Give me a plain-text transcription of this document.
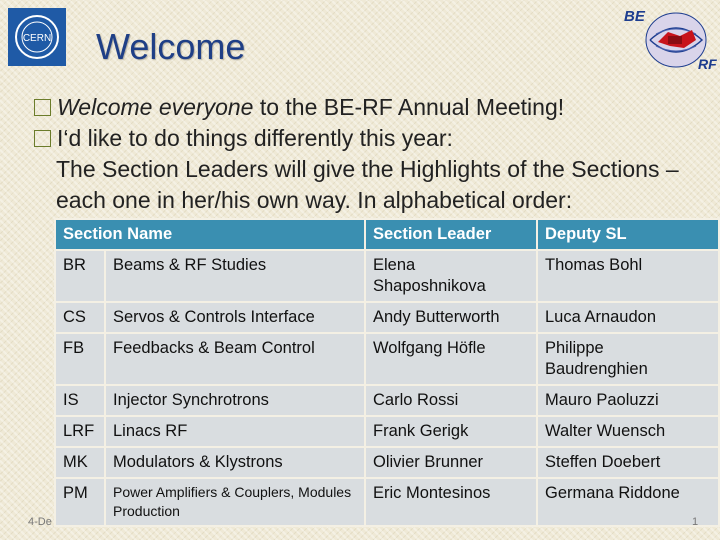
CERN
BE
RF
Welcome
Welcome everyone to the BE-RF Annual Meeting!
I‘d like to do things differently this year:
The Section Leaders will give the Highlights of the Sections – each one in her/his own way. In alphabetical order:
Section Name		Section Leader	Deputy SL
BR	Beams & RF Studies	Elena Shaposhnikova	Thomas Bohl
CS	Servos & Controls Interface	Andy Butterworth	Luca Arnaudon
FB	Feedbacks & Beam Control	Wolfgang Höfle	Philippe Baudrenghien
IS	Injector Synchrotrons	Carlo Rossi	Mauro Paoluzzi
LRF	Linacs RF	Frank Gerigk	Walter Wuensch
MK	Modulators & Klystrons	Olivier Brunner	Steffen Doebert
PM	Power Amplifiers & Couplers, Modules Production	Eric Montesinos	Germana Riddone
4-De	1
